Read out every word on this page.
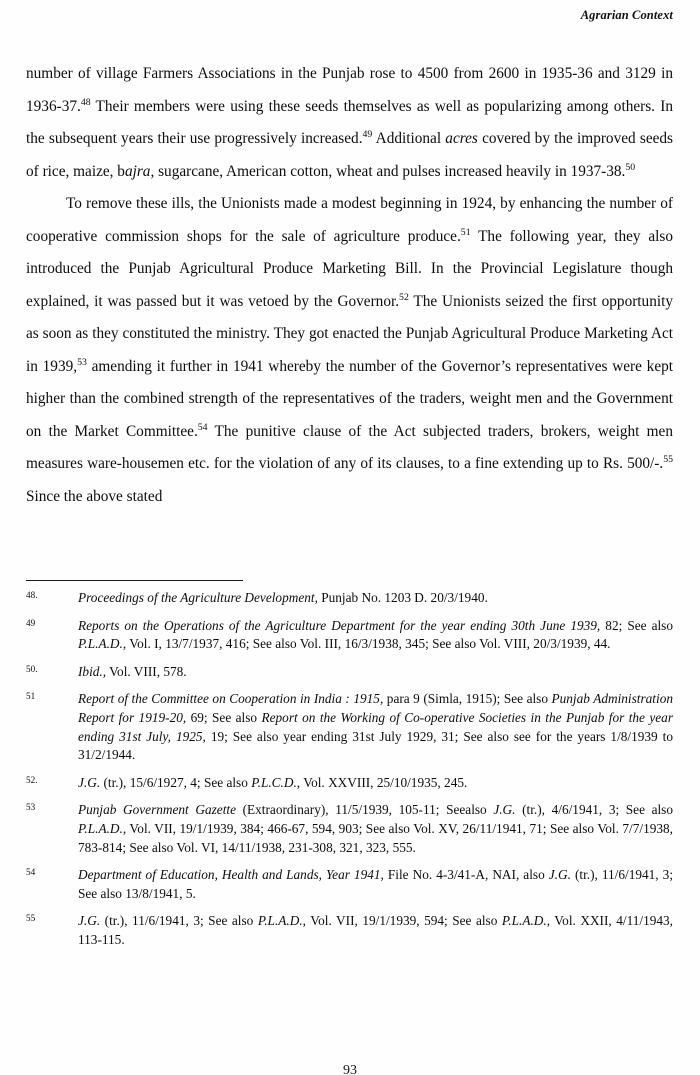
Agrarian Context

number of village Farmers Associations in the Punjab rose to 4500 from 2600 in 1935-36 and 3129 in 1936-37.48 Their members were using these seeds themselves as well as popularizing among others. In the subsequent years their use progressively increased.$^{49}$ Additional acres covered by the improved seeds of rice, maize, bajra, sugarcane, American cotton, wheat and pulses increased heavily in 1937-38.50

To remove these ills, the Unionists made a modest beginning in 1924, by enhancing the number of cooperative commission shops for the sale of agriculture produce.$^{51}$ The following year, they also introduced the Punjab Agricultural Produce Marketing Bill. In the Provincial Legislature though explained, it was passed but it was vetoed by the Governor.$^{52}$ The Unionists seized the first opportunity as soon as they constituted the ministry. They got enacted the Punjab Agricultural Produce Marketing Act in 1939,53 amending it further in 1941 whereby the number of the Governor’s representatives were kept higher than the combined strength of the representatives of the traders, weight men and the Government on the Market Committee.$^{54}$ The punitive clause of the Act subjected traders, brokers, weight men measures ware-housemen etc. for the violation of any of its clauses, to a fine extending up to Rs. 500/-.$^{55}$ Since the above stated

48.	Proceedings of the Agriculture Development, Punjab No. 1203 D. 20/3/1940.
49	Reports on the Operations of the Agriculture Department for the year ending 30th June 1939, 82; See also P.L.A.D., Vol. I, 13/7/1937, 416; See also Vol. III, 16/3/1938, 345; See also Vol. VIII, 20/3/1939, 44.
50.	Ibid., Vol. VIII, 578.
51	Report of the Committee on Cooperation in India : 1915, para 9 (Simla, 1915); See also Punjab Administration Report for 1919-20, 69; See also Report on the Working of Co-operative Societies in the Punjab for the year ending 31st July, 1925, 19; See also year ending 31st July 1929, 31; See also see for the years 1/8/1939 to 31/2/1944.
52.	J.G. (tr.), 15/6/1927, 4; See also P.L.C.D., Vol. XXVIII, 25/10/1935, 245.
53	Punjab Government Gazette (Extraordinary), 11/5/1939, 105-11; Seealso J.G. (tr.), 4/6/1941, 3; See also P.L.A.D., Vol. VII, 19/1/1939, 384; 466-67, 594, 903; See also Vol. XV, 26/11/1941, 71; See also Vol. 7/7/1938, 783-814; See also Vol. VI, 14/11/1938, 231-308, 321, 323, 555.
54	Department of Education, Health and Lands, Year 1941, File No. 4-3/41-A, NAI, also J.G. (tr.), 11/6/1941, 3; See also 13/8/1941, 5.
55	J.G. (tr.), 11/6/1941, 3; See also P.L.A.D., Vol. VII, 19/1/1939, 594; See also P.L.A.D., Vol. XXII, 4/11/1943, 113-115.
93
